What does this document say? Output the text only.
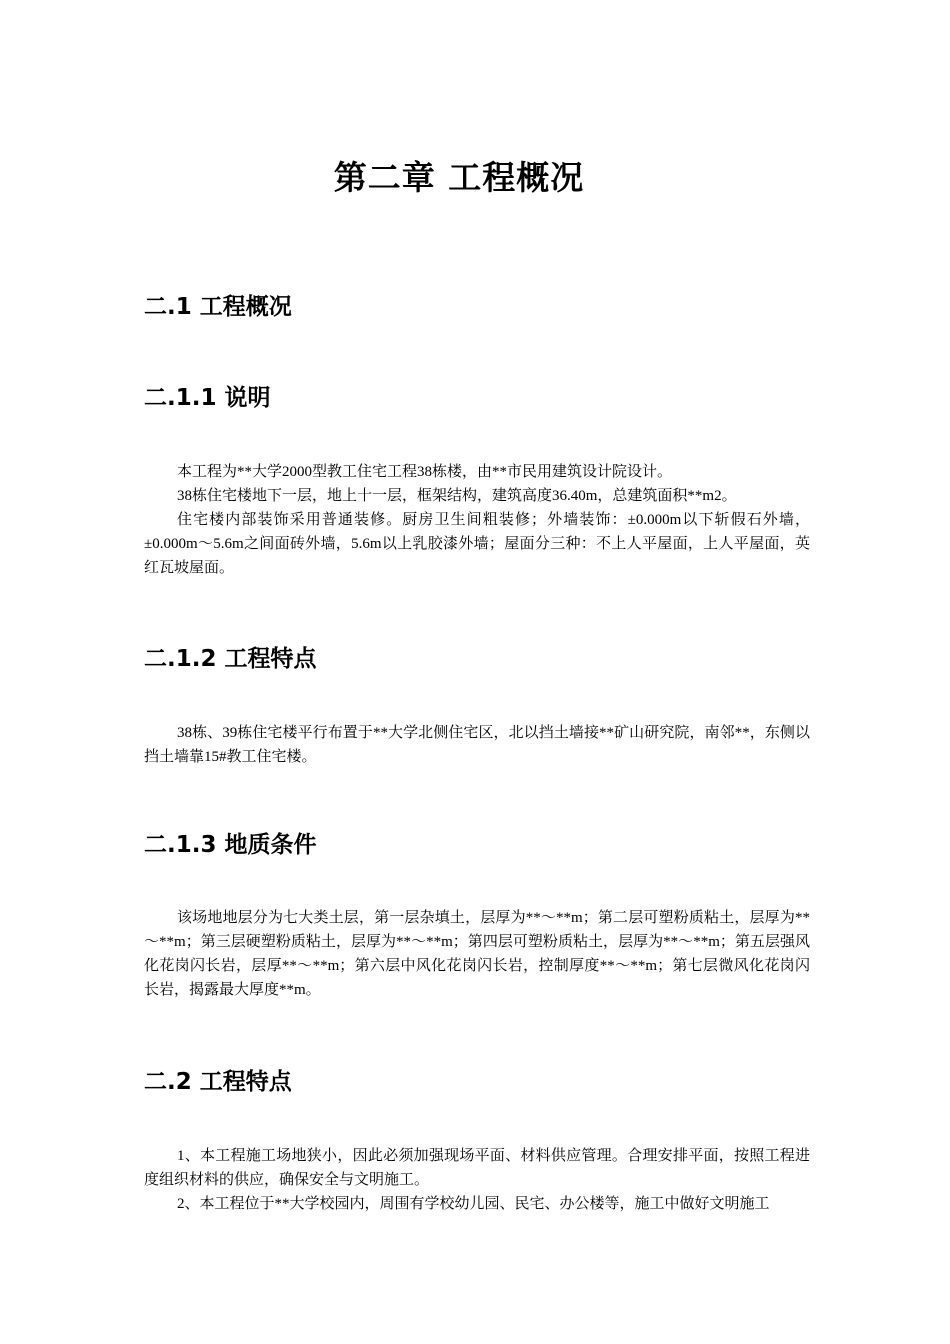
第二章 工程概况
二.1 工程概况
二.1.1 说明
本工程为**大学2000型教工住宅工程38栋楼，由**市民用建筑设计院设计。
38栋住宅楼地下一层，地上十一层，框架结构，建筑高度36.40m，总建筑面积**m2。
住宅楼内部装饰采用普通装修。厨房卫生间粗装修；外墙装饰：±0.000m以下斩假石外墙，±0.000m～5.6m之间面砖外墙，5.6m以上乳胶漆外墙；屋面分三种：不上人平屋面，上人平屋面，英红瓦坡屋面。
二.1.2 工程特点
38栋、39栋住宅楼平行布置于**大学北侧住宅区，北以挡土墙接**矿山研究院，南邻**，东侧以挡土墙靠15#教工住宅楼。
二.1.3 地质条件
该场地地层分为七大类土层，第一层杂填土，层厚为**～**m；第二层可塑粉质粘土，层厚为**～**m；第三层硬塑粉质粘土，层厚为**～**m；第四层可塑粉质粘土，层厚为**～**m；第五层强风化花岗闪长岩，层厚**～**m；第六层中风化花岗闪长岩，控制厚度**～**m；第七层微风化花岗闪长岩，揭露最大厚度**m。
二.2 工程特点
1、本工程施工场地狭小，因此必须加强现场平面、材料供应管理。合理安排平面，按照工程进度组织材料的供应，确保安全与文明施工。
2、本工程位于**大学校园内，周围有学校幼儿园、民宅、办公楼等，施工中做好文明施工
